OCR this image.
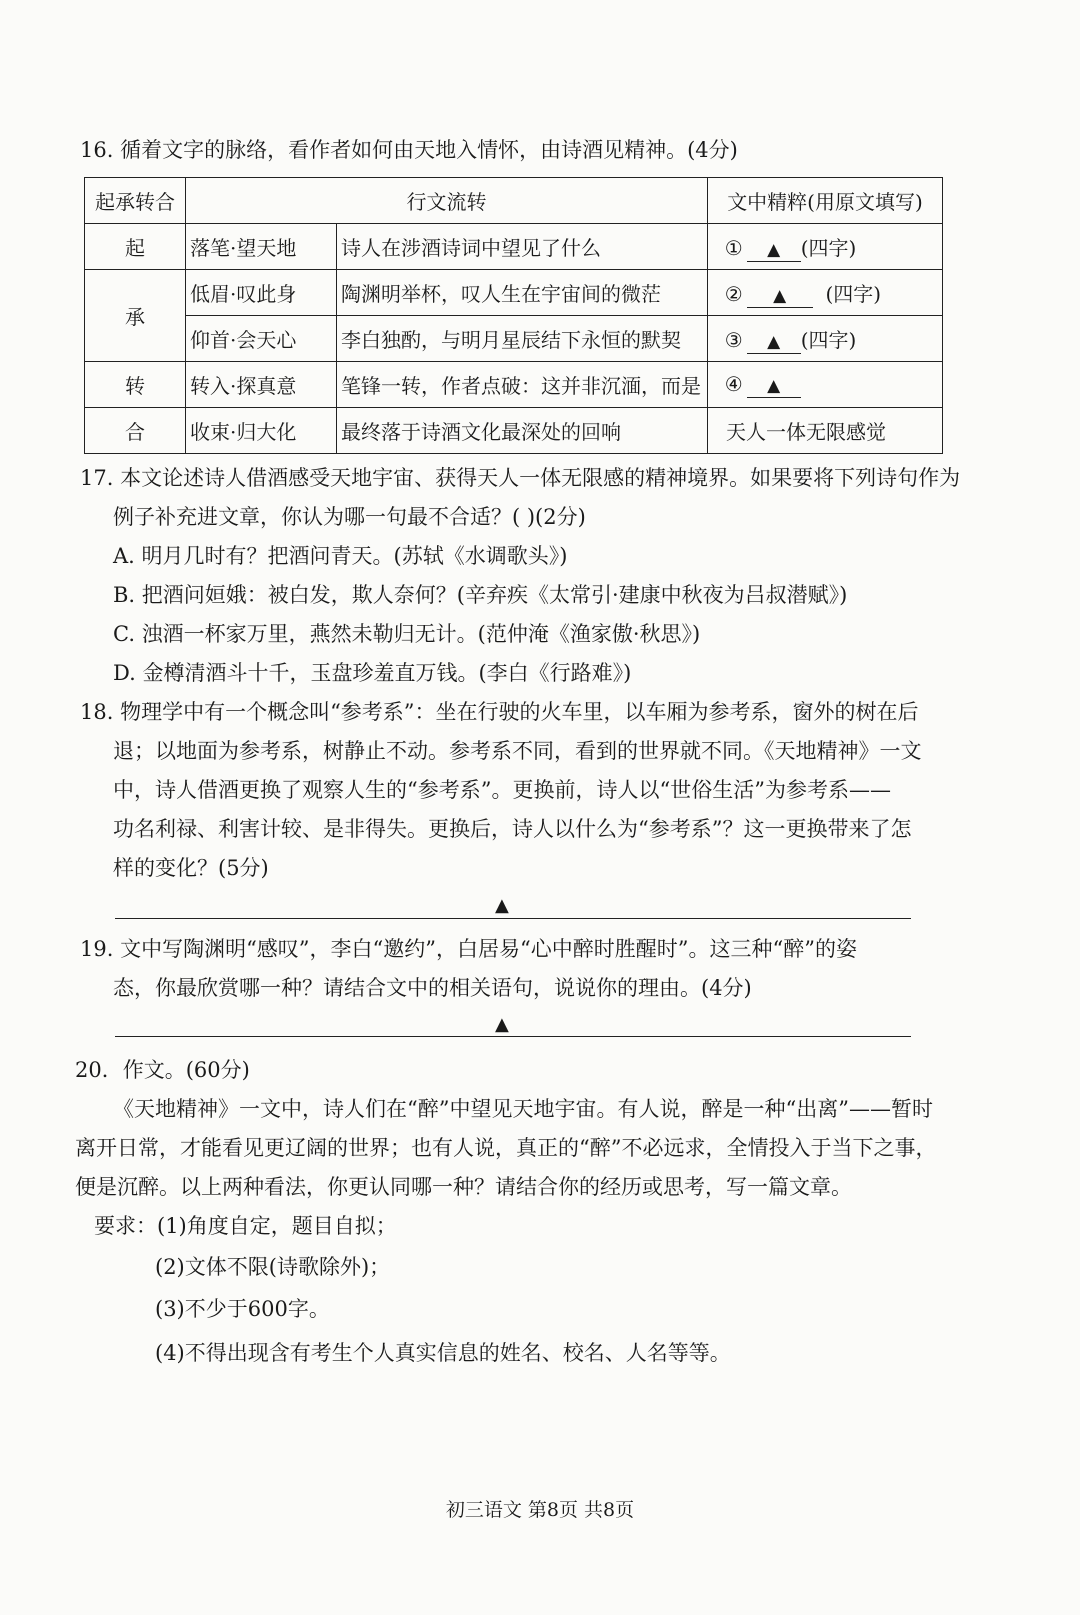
16. 循着文字的脉络，看作者如何由天地入情怀，由诗酒见精神。(4分)
起承转合	行文流转		文中精粹(用原文填写)
起	落笔·望天地	诗人在涉酒诗词中望见了什么	① ▲ (四字)
承	低眉·叹此身	陶渊明举杯，叹人生在宇宙间的微茫	② ▲ (四字)
	仰首·会天心	李白独酌，与明月星辰结下永恒的默契	③ ▲ (四字)
转	转入·探真意	笔锋一转，作者点破：这并非沉湎，而是	④ ▲
合	收束·归大化	最终落于诗酒文化最深处的回响	天人一体无限感觉
17. 本文论述诗人借酒感受天地宇宙、获得天人一体无限感的精神境界。如果要将下列诗句作为
例子补充进文章，你认为哪一句最不合适？( )(2分)
A. 明月几时有？把酒问青天。(苏轼《水调歌头》)
B. 把酒问姮娥：被白发，欺人奈何？(辛弃疾《太常引·建康中秋夜为吕叔潜赋》)
C. 浊酒一杯家万里，燕然未勒归无计。(范仲淹《渔家傲·秋思》)
D. 金樽清酒斗十千，玉盘珍羞直万钱。(李白《行路难》)
18. 物理学中有一个概念叫“参考系”：坐在行驶的火车里，以车厢为参考系，窗外的树在后
退；以地面为参考系，树静止不动。参考系不同，看到的世界就不同。《天地精神》一文
中，诗人借酒更换了观察人生的“参考系”。更换前，诗人以“世俗生活”为参考系——
功名利禄、利害计较、是非得失。更换后，诗人以什么为“参考系”？这一更换带来了怎
样的变化？(5分)
▲
19. 文中写陶渊明“感叹”，李白“邀约”，白居易“心中醉时胜醒时”。这三种“醉”的姿
态，你最欣赏哪一种？请结合文中的相关语句，说说你的理由。(4分)
▲
20．作文。(60分)
《天地精神》一文中，诗人们在“醉”中望见天地宇宙。有人说，醉是一种“出离”——暂时
离开日常，才能看见更辽阔的世界；也有人说，真正的“醉”不必远求，全情投入于当下之事，
便是沉醉。以上两种看法，你更认同哪一种？请结合你的经历或思考，写一篇文章。
要求：(1)角度自定，题目自拟；
(2)文体不限(诗歌除外)；
(3)不少于600字。
(4)不得出现含有考生个人真实信息的姓名、校名、人名等等。
初三语文 第8页 共8页
